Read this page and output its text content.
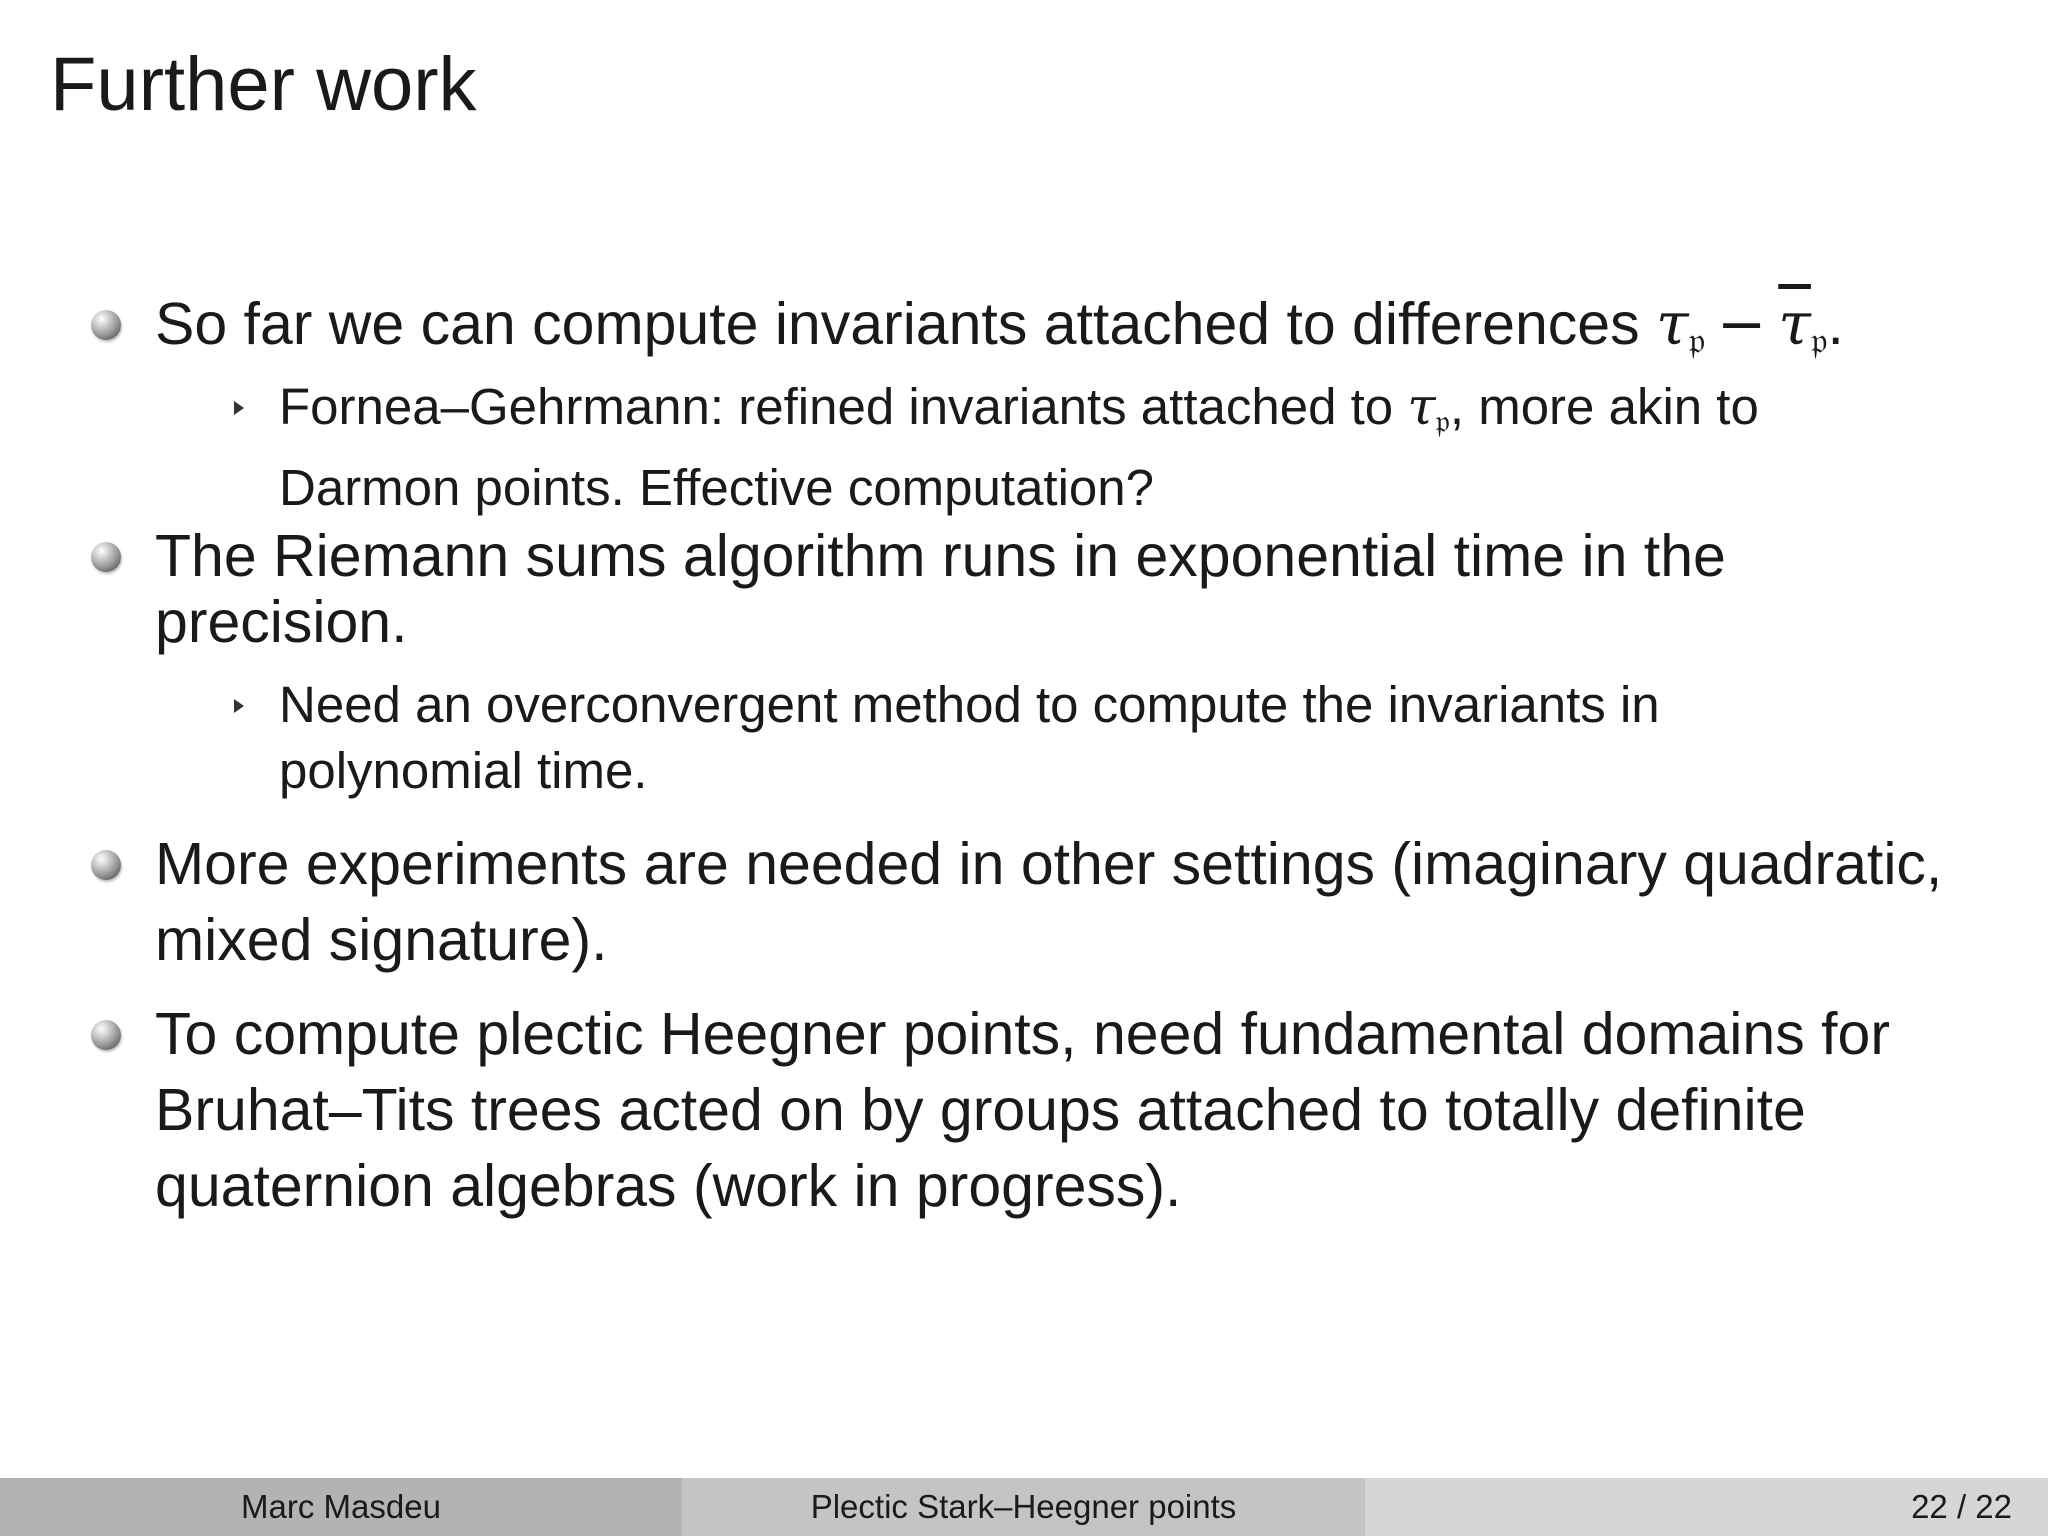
Further work
So far we can compute invariants attached to differences $\tau_𝔭 - \overline{\tau}_𝔭$.
Fornea–Gehrmann: refined invariants attached to $\tau_𝔭$, more akin to
Darmon points. Effective computation?
The Riemann sums algorithm runs in exponential time in the
precision.
Need an overconvergent method to compute the invariants in
polynomial time.
More experiments are needed in other settings (imaginary quadratic,
mixed signature).
To compute plectic Heegner points, need fundamental domains for
Bruhat–Tits trees acted on by groups attached to totally definite
quaternion algebras (work in progress).
Marc Masdeu	Plectic Stark–Heegner points	22 / 22
